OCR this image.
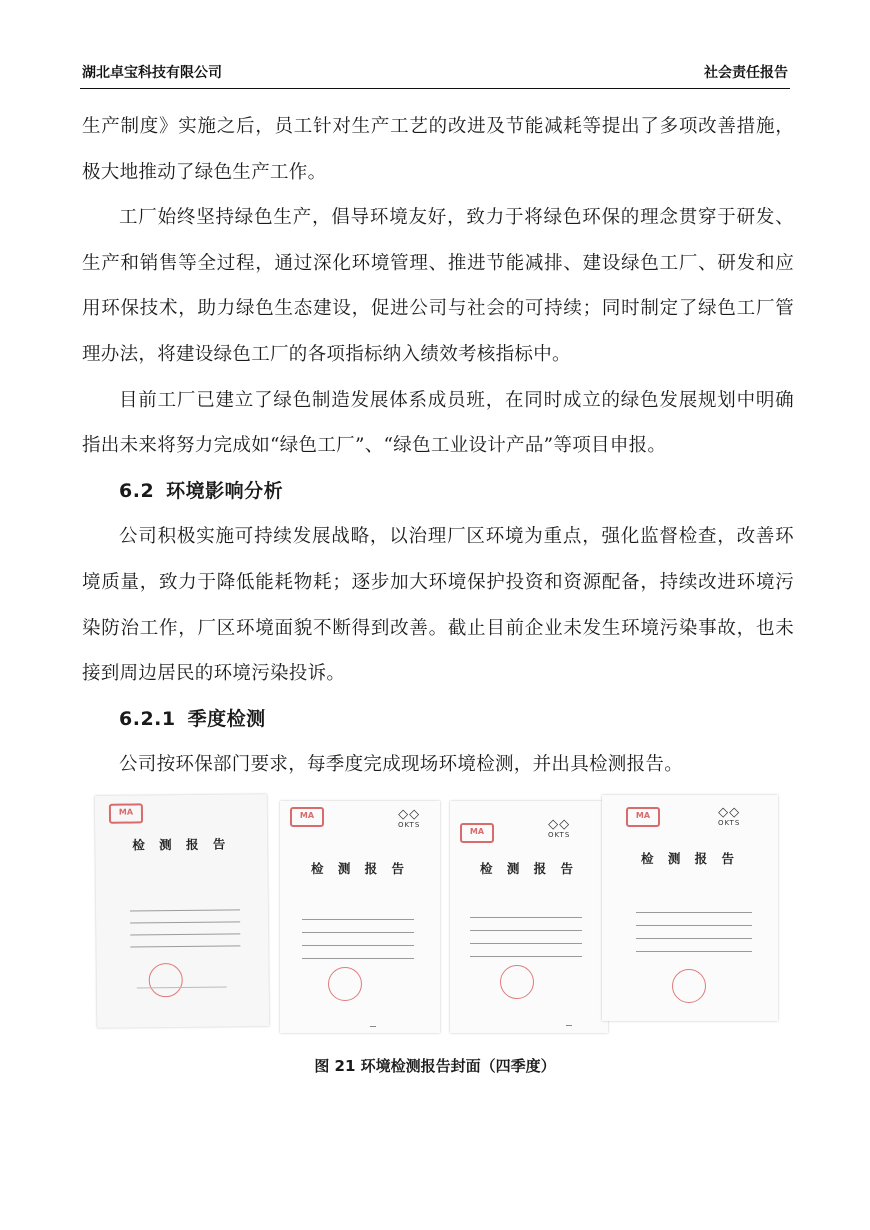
湖北卓宝科技有限公司	社会责任报告

生产制度》实施之后，员工针对生产工艺的改进及节能减耗等提出了多项改善措施，极大地推动了绿色生产工作。

工厂始终坚持绿色生产，倡导环境友好，致力于将绿色环保的理念贯穿于研发、生产和销售等全过程，通过深化环境管理、推进节能减排、建设绿色工厂、研发和应用环保技术，助力绿色生态建设，促进公司与社会的可持续；同时制定了绿色工厂管理办法，将建设绿色工厂的各项指标纳入绩效考核指标中。

目前工厂已建立了绿色制造发展体系成员班，在同时成立的绿色发展规划中明确指出未来将努力完成如“绿色工厂”、“绿色工业设计产品”等项目申报。

6.2 环境影响分析

公司积极实施可持续发展战略，以治理厂区环境为重点，强化监督检查，改善环境质量，致力于降低能耗物耗；逐步加大环境保护投资和资源配备，持续改进环境污染防治工作，厂区环境面貌不断得到改善。截止目前企业未发生环境污染事故，也未接到周边居民的环境污染投诉。

6.2.1 季度检测

公司按环保部门要求，每季度完成现场环境检测，并出具检测报告。

MA
检 测 报 告
MA	◇◇
OKTS
检 测 报 告
MA	◇◇
OKTS
检 测 报 告
MA	◇◇
OKTS
检 测 报 告
图 21 环境检测报告封面（四季度）
